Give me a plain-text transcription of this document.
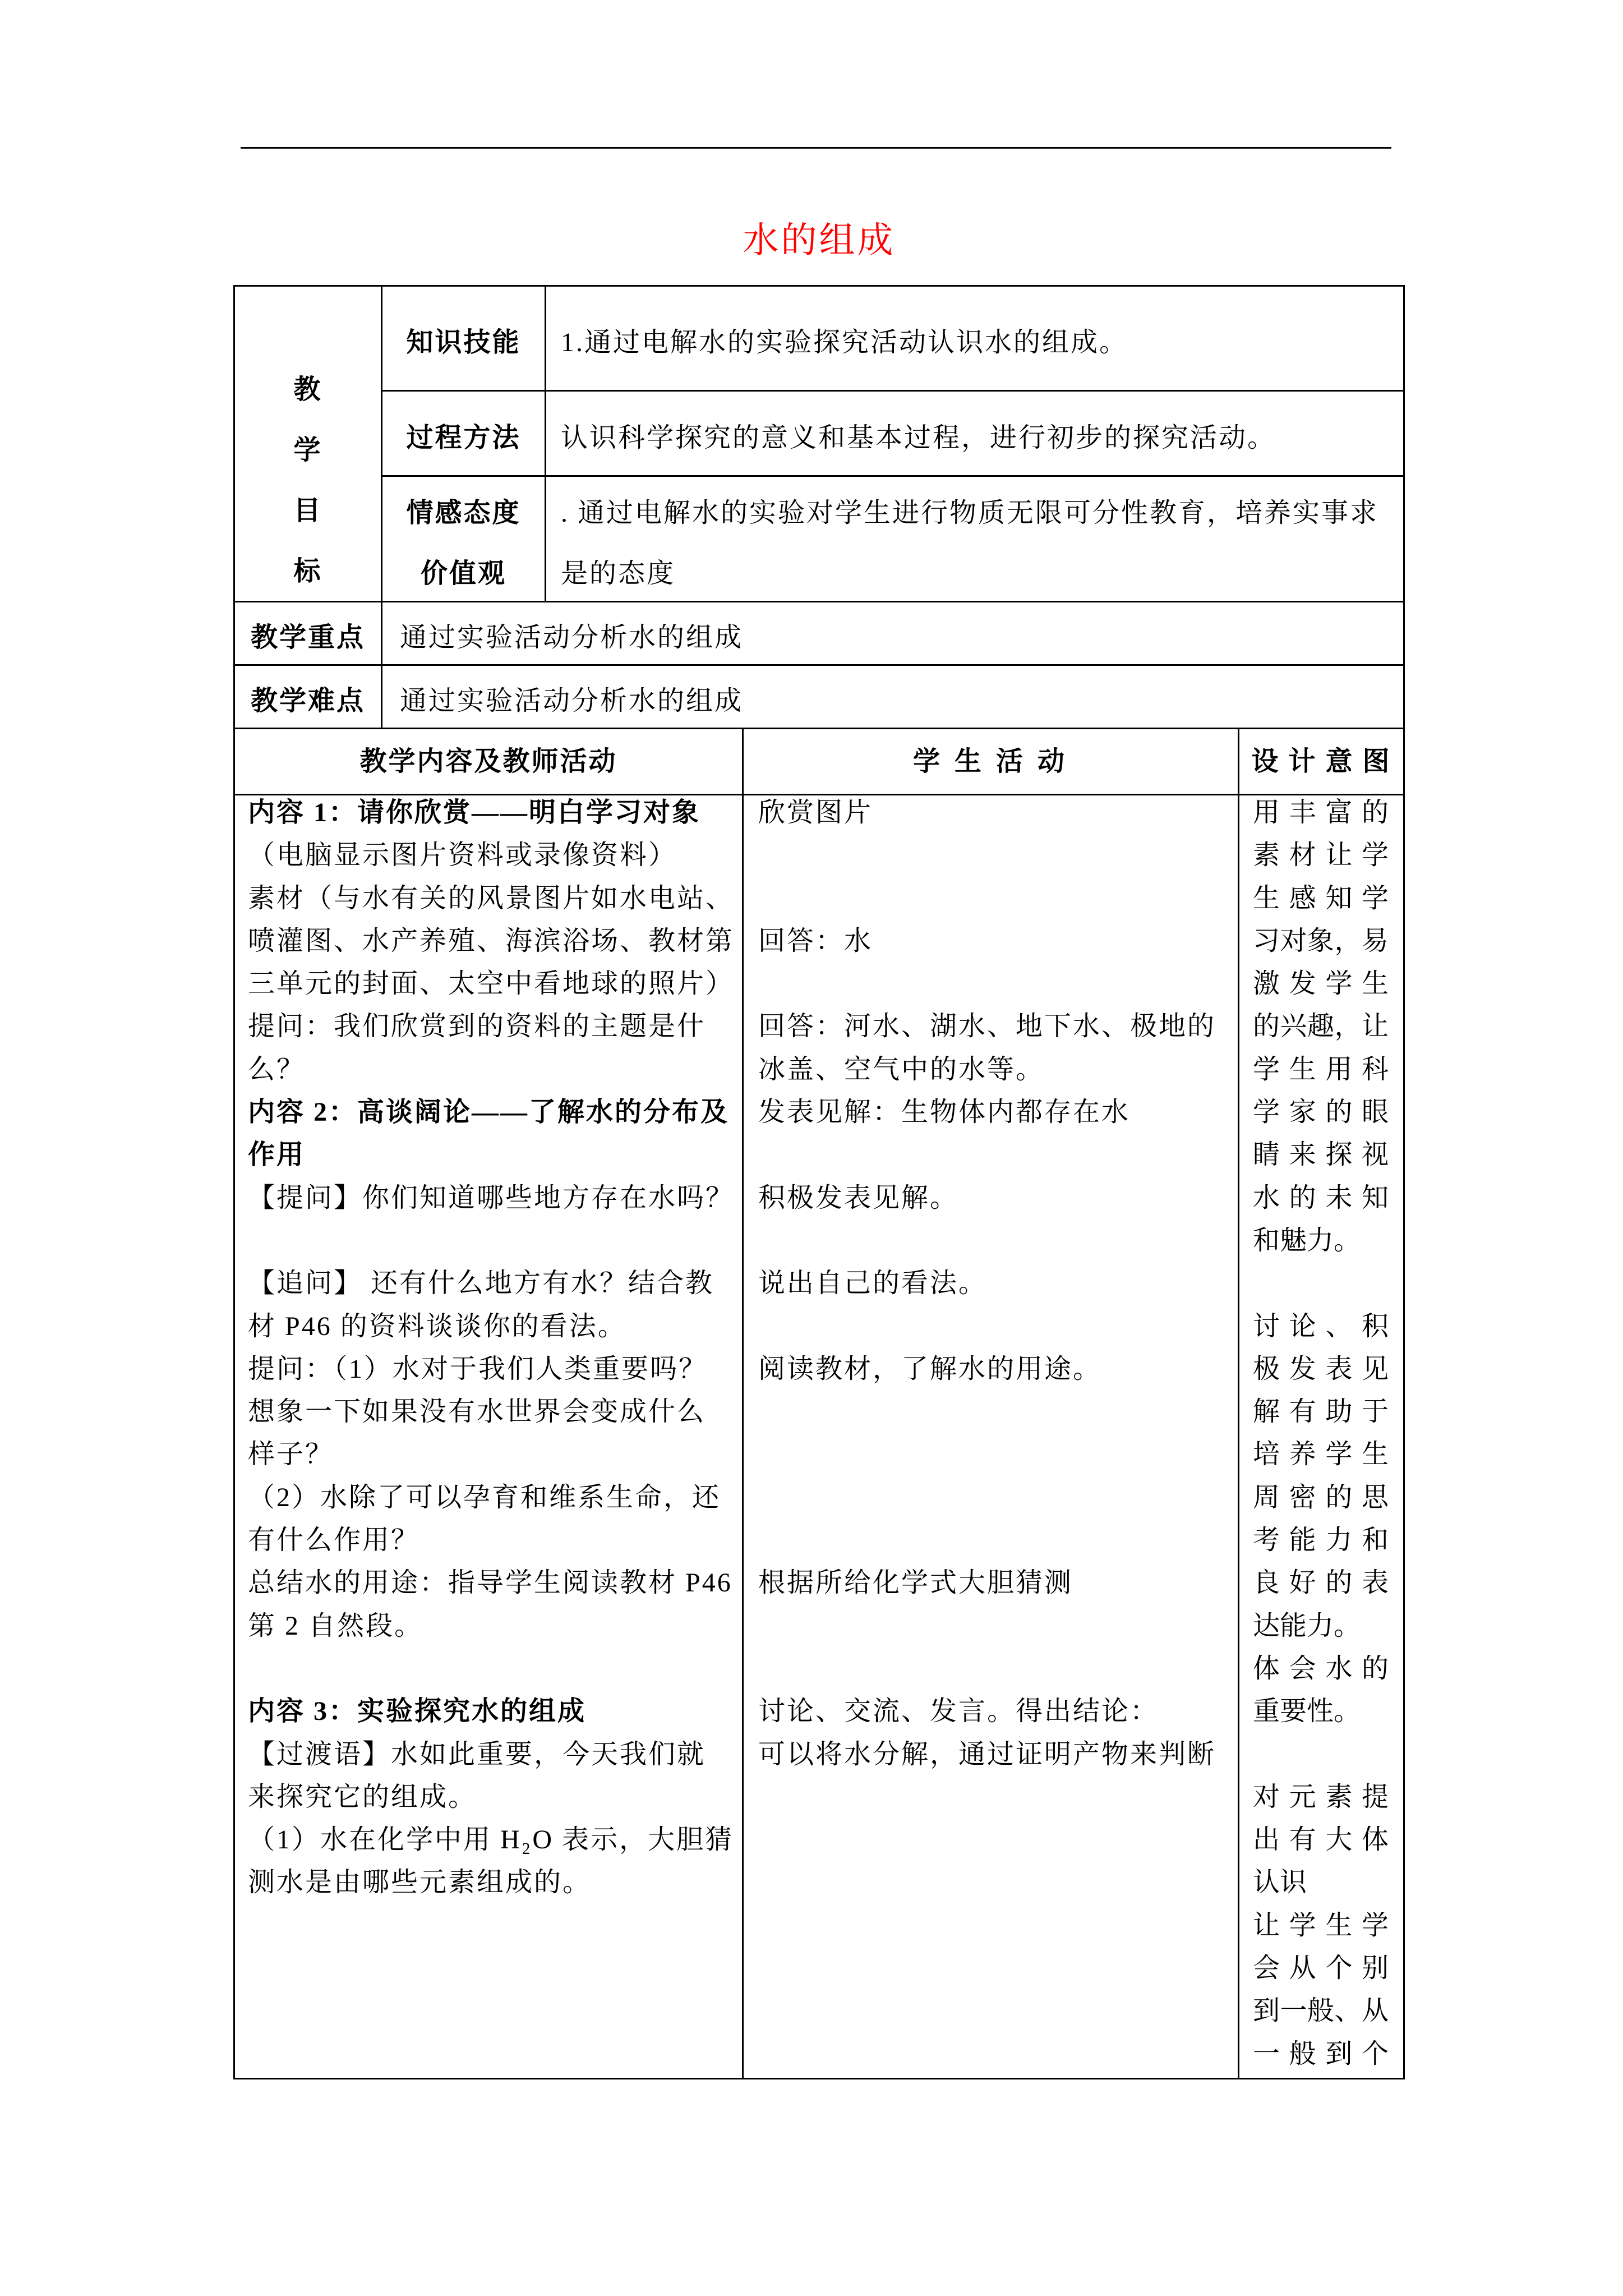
水的组成
教学目标
知识技能 1.通过电解水的实验探究活动认识水的组成。
过程方法 认识科学探究的意义和基本过程，进行初步的探究活动。
情感态度价值观
. 通过电解水的实验对学生进行物质无限可分性教育，培养实事求
是的态度
教学重点 通过实验活动分析水的组成
教学难点 通过实验活动分析水的组成
教学内容及教师活动	学 生 活 动	设 计 意 图
内容 1：请你欣赏——明白学习对象
（电脑显示图片资料或录像资料）
素材（与水有关的风景图片如水电站、
喷灌图、水产养殖、海滨浴场、教材第
三单元的封面、太空中看地球的照片）
提问：我们欣赏到的资料的主题是什
么？
内容 2：高谈阔论——了解水的分布及
作用
【提问】你们知道哪些地方存在水吗？
【追问】 还有什么地方有水？结合教
材 P46 的资料谈谈你的看法。
提问：（1）水对于我们人类重要吗？
想象一下如果没有水世界会变成什么
样子？
（2）水除了可以孕育和维系生命，还
有什么作用？
总结水的用途：指导学生阅读教材 P46
第 2 自然段。
内容 3：实验探究水的组成
【过渡语】水如此重要，今天我们就
来探究它的组成。
（1）水在化学中用 H₂O 表示，大胆猜
测水是由哪些元素组成的。
欣赏图片
回答：水
回答：河水、湖水、地下水、极地的
冰盖、空气中的水等。
发表见解：生物体内都存在水
积极发表见解。
说出自己的看法。
阅读教材，了解水的用途。
根据所给化学式大胆猜测
讨论、交流、发言。得出结论：
可以将水分解，通过证明产物来判断
用丰富的
素材让学
生感知学
习对象，易
激发学生
的兴趣，让
学生用科
学家的眼
睛来探视
水的未知
和魅力。
讨论、积
极发表见
解有助于
培养学生
周密的思
考能力和
良好的表
达能力。
体会水的
重要性。
对元素提
出有大体
认识
让学生学
会从个别
到一般、从
一般到个
